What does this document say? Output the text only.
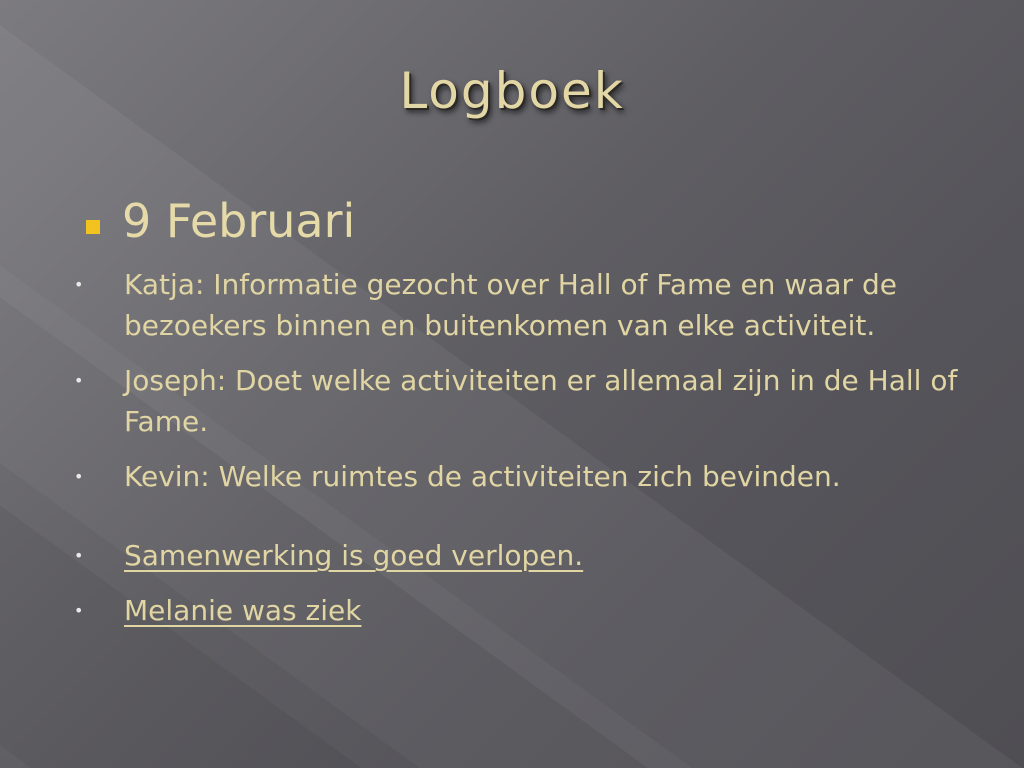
Logboek
9 Februari
• Katja: Informatie gezocht over Hall of Fame en waar de bezoekers binnen en buitenkomen van elke activiteit.
• Joseph: Doet welke activiteiten er allemaal zijn in de Hall of Fame.
• Kevin: Welke ruimtes de activiteiten zich bevinden.
• Samenwerking is goed verlopen.
• Melanie was ziek
